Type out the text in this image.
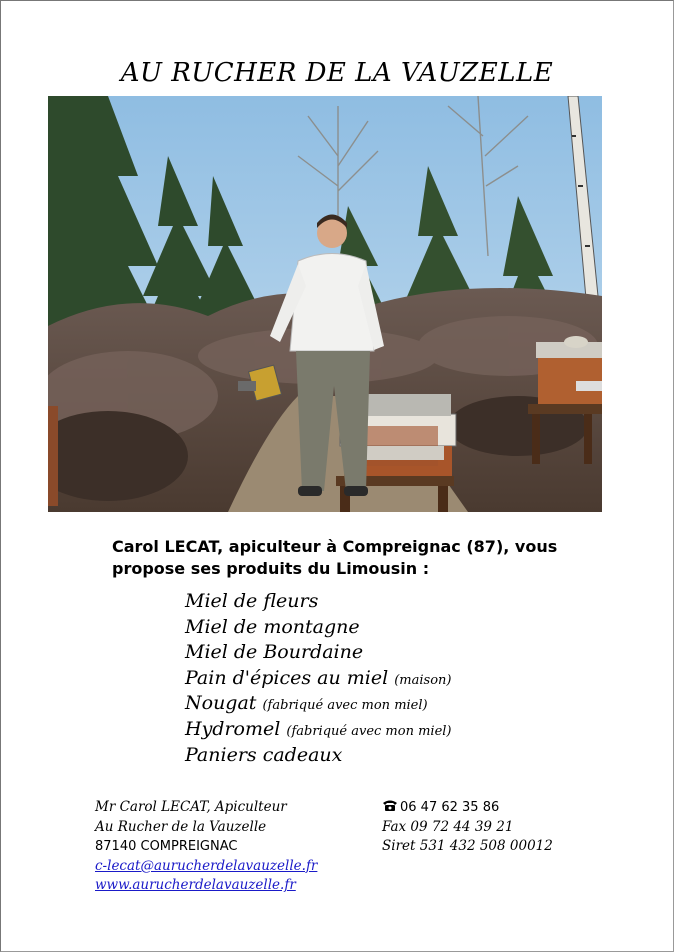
AU RUCHER DE LA VAUZELLE
Carol LECAT, apiculteur à Compreignac (87), vous
propose ses produits du Limousin :
Miel de fleurs
Miel de montagne
Miel de Bourdaine
Pain d'épices au miel (maison)
Nougat (fabriqué avec mon miel)
Hydromel (fabriqué avec mon miel)
Paniers cadeaux
Mr Carol LECAT, Apiculteur
Au Rucher de la Vauzelle
87140 COMPREIGNAC
c-lecat@aurucherdelavauzelle.fr
www.aurucherdelavauzelle.fr
06 47 62 35 86
Fax 09 72 44 39 21
Siret 531 432 508 00012
